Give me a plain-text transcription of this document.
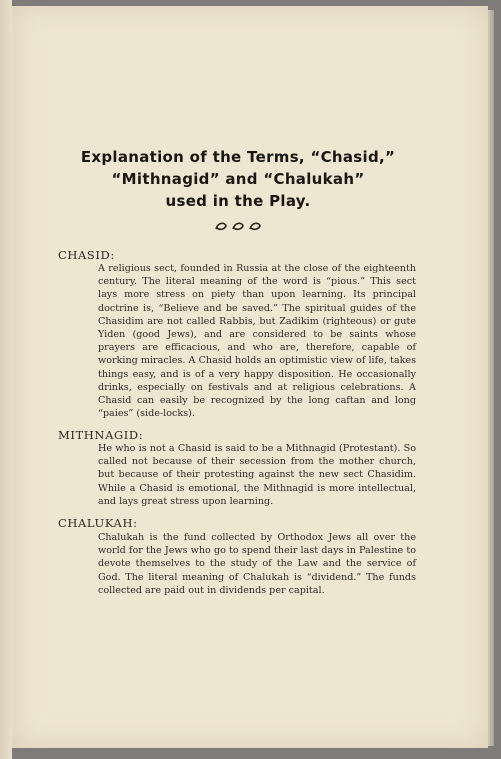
Explanation of the Terms, “Chasid,”
“Mithnagid” and “Chalukah”
used in the Play.
CHASID:
A religious sect, founded in Russia at the close of the eighteenth century. The literal meaning of the word is “pious.” This sect lays more stress on piety than upon learning. Its principal doctrine is, “Believe and be saved.” The spiritual guides of the Chasidim are not called Rabbis, but Zadikim (righteous) or gute Yiden (good Jews), and are considered to be saints whose prayers are efficacious, and who are, therefore, capable of working miracles. A Chasid holds an optimistic view of life, takes things easy, and is of a very happy disposition. He occasionally drinks, especially on festivals and at religious celebrations. A Chasid can easily be recognized by the long caftan and long “paies” (side-locks).
MITHNAGID:
He who is not a Chasid is said to be a Mithnagid (Protestant). So called not because of their secession from the mother church, but because of their protesting against the new sect Chasidim. While a Chasid is emotional, the Mithnagid is more intellectual, and lays great stress upon learning.
CHALUKAH:
Chalukah is the fund collected by Orthodox Jews all over the world for the Jews who go to spend their last days in Palestine to devote themselves to the study of the Law and the service of God. The literal meaning of Chalukah is “dividend.” The funds collected are paid out in dividends per capital.
